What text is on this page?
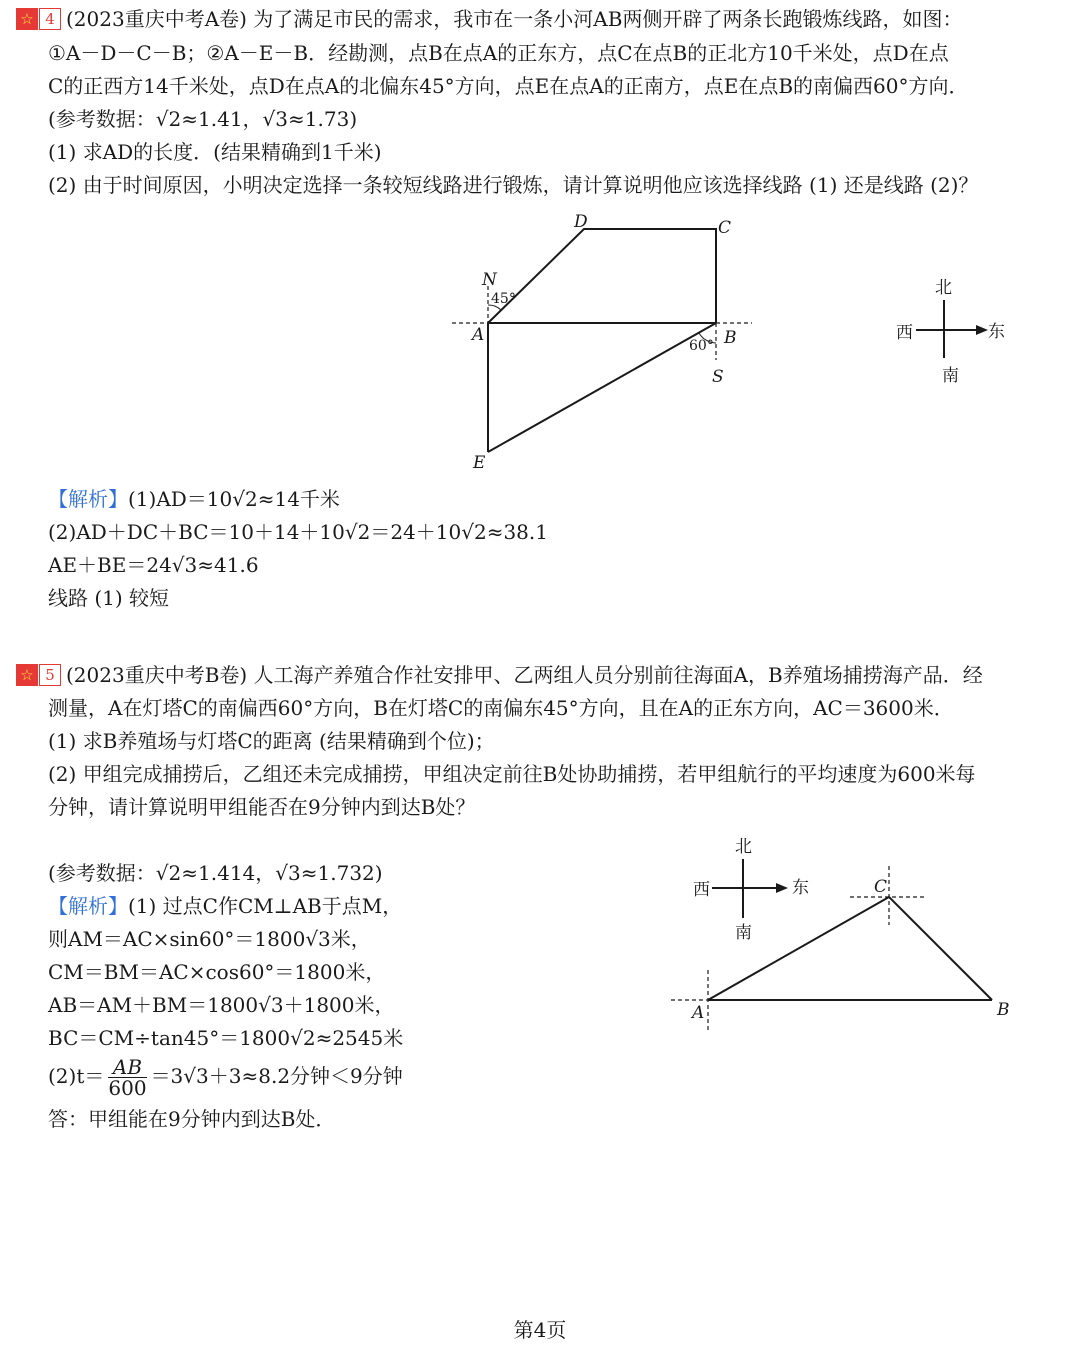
☆ 4 (2023重庆中考A卷) 为了满足市民的需求，我市在一条小河AB两侧开辟了两条长跑锻炼线路，如图：
①A－D－C－B；②A－E－B．经勘测，点B在点A的正东方，点C在点B的正北方10千米处，点D在点
C的正西方14千米处，点D在点A的北偏东45°方向，点E在点A的正南方，点E在点B的南偏西60°方向．
(参考数据：√2≈1.41，√3≈1.73)
(1) 求AD的长度．(结果精确到1千米)
(2) 由于时间原因，小明决定选择一条较短线路进行锻炼，请计算说明他应该选择线路 (1) 还是线路 (2)？
D	C
N
45°
A
60° B
S
E
北
南
东
西
【解析】(1)AD＝10√2≈14千米
(2)AD＋DC＋BC＝10＋14＋10√2＝24＋10√2≈38.1
AE＋BE＝24√3≈41.6
线路 (1) 较短
☆ 5 (2023重庆中考B卷) 人工海产养殖合作社安排甲、乙两组人员分别前往海面A，B养殖场捕捞海产品．经
测量，A在灯塔C的南偏西60°方向，B在灯塔C的南偏东45°方向，且在A的正东方向，AC＝3600米．
(1) 求B养殖场与灯塔C的距离 (结果精确到个位)；
(2) 甲组完成捕捞后，乙组还未完成捕捞，甲组决定前往B处协助捕捞，若甲组航行的平均速度为600米每
分钟，请计算说明甲组能否在9分钟内到达B处？
(参考数据：√2≈1.414，√3≈1.732)
【解析】(1) 过点C作CM⊥AB于点M，
则AM＝AC×sin60°＝1800√3米，
CM＝BM＝AC×cos60°＝1800米，
AB＝AM＋BM＝1800√3＋1800米，
BC＝CM÷tan45°＝1800√2≈2545米
$(2)t= \frac{AB}{600} =3√3+3\approx 8.2$分钟＜9分钟
答：甲组能在9分钟内到达B处．
北
南
东
西	C
A	B
第4页
